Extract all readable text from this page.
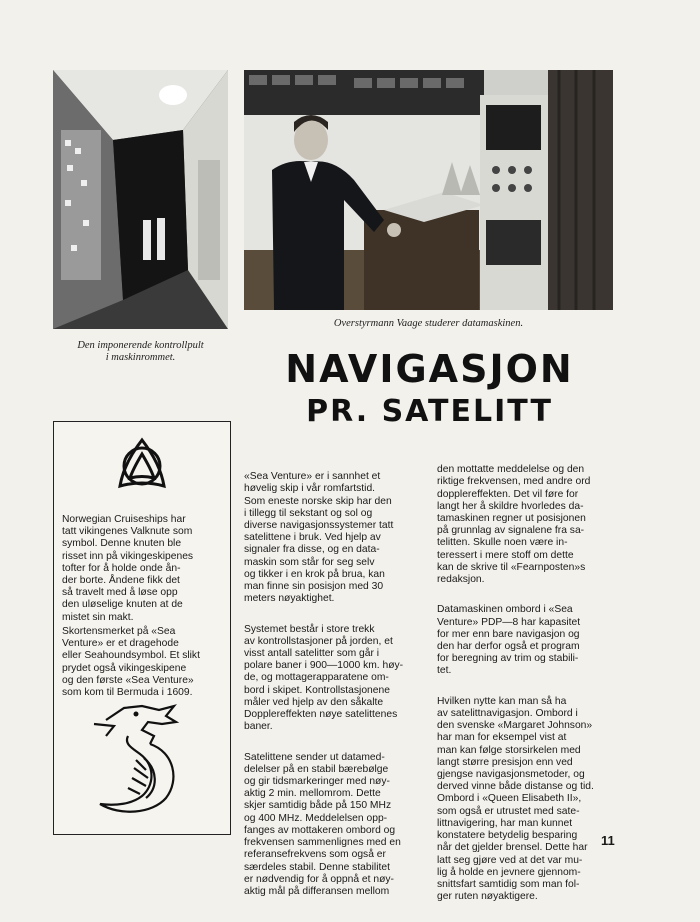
Den imponerende kontrollpult
i maskinrommet.
Overstyrmann Vaage studerer datamaskinen.
NAVIGASJON
PR. SATELITT
Norwegian Cruiseships har
tatt vikingenes Valknute som
symbol. Denne knuten ble
risset inn på vikingeskipenes
tofter for å holde onde ån-
der borte. Åndene fikk det
så travelt med å løse opp
den uløselige knuten at de
mistet sin makt.
Skortensmerket på «Sea
Venture» er et dragehode
eller Seahoundsymbol. Et slikt
prydet også vikingeskipene
og den første «Sea Venture»
som kom til Bermuda i 1609.

«Sea Venture» er i sannhet et
høvelig skip i vår romfartstid.
Som eneste norske skip har den
i tillegg til sekstant og sol og
diverse navigasjonssystemer tatt
satelittene i bruk. Ved hjelp av
signaler fra disse, og en data-
maskin som står for seg selv
og tikker i en krok på brua, kan
man finne sin posisjon med 30
meters nøyaktighet.

Systemet består i store trekk
av kontrollstasjoner på jorden, et
visst antall satelitter som går i
polare baner i 900—1000 km. høy-
de, og mottagerapparatene om-
bord i skipet. Kontrollstasjonene
måler ved hjelp av den såkalte
Dopplereffekten nøye satelittenes
baner.

Satelittene sender ut datamed-
delelser på en stabil bærebølge
og gir tidsmarkeringer med nøy-
aktig 2 min. mellomrom. Dette
skjer samtidig både på 150 MHz
og 400 MHz. Meddelelsen opp-
fanges av mottakeren ombord og
frekvensen sammenlignes med en
referansefrekvens som også er
særdeles stabil. Denne stabilitet
er nødvendig for å oppnå et nøy-
aktig mål på differansen mellom

den mottatte meddelelse og den
riktige frekvensen, med andre ord
dopplereffekten. Det vil føre for
langt her å skildre hvorledes da-
tamaskinen regner ut posisjonen
på grunnlag av signalene fra sa-
telitten. Skulle noen være in-
teressert i mere stoff om dette
kan de skrive til «Fearnposten»s
redaksjon.

Datamaskinen ombord i «Sea
Venture» PDP—8 har kapasitet
for mer enn bare navigasjon og
den har derfor også et program
for beregning av trim og stabili-
tet.

Hvilken nytte kan man så ha
av satelittnavigasjon. Ombord i
den svenske «Margaret Johnson»
har man for eksempel vist at
man kan følge storsirkelen med
langt større presisjon enn ved
gjengse navigasjonsmetoder, og
derved vinne både distanse og tid.
Ombord i «Queen Elisabeth II»,
som også er utrustet med sate-
littnavigering, har man kunnet
konstatere betydelig besparing
når det gjelder brensel. Dette har
latt seg gjøre ved at det var mu-
lig å holde en jevnere gjennom-
snittsfart samtidig som man fol-
ger ruten nøyaktigere.

11
